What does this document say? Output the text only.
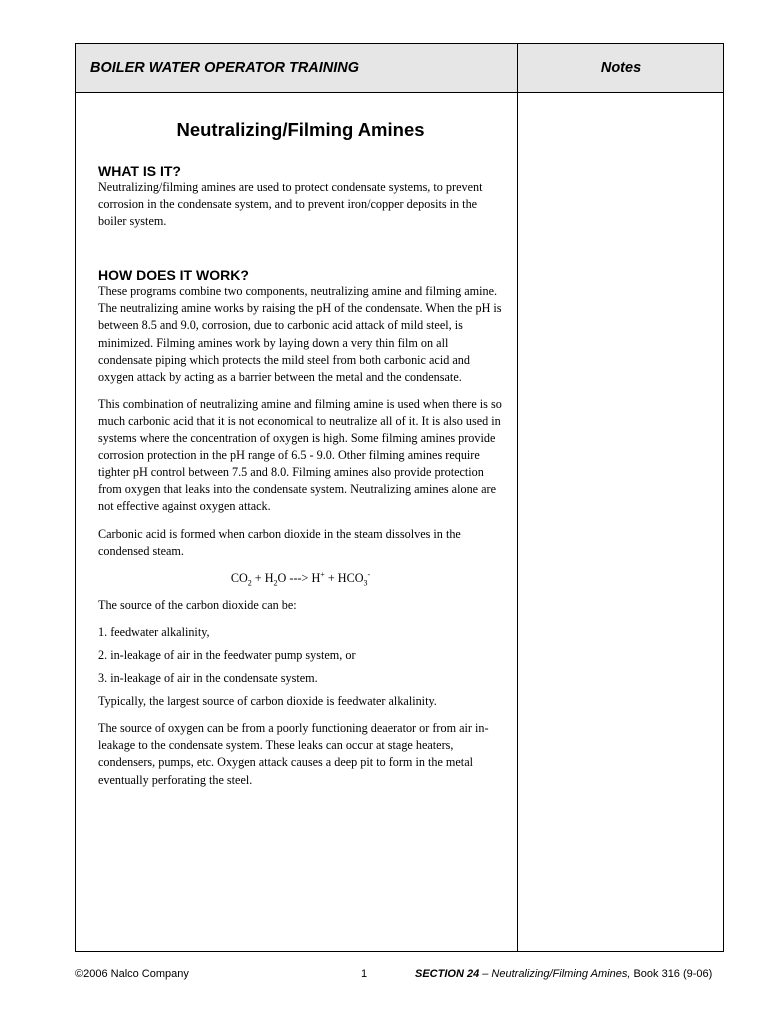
BOILER WATER OPERATOR TRAINING	Notes
Neutralizing/Filming Amines
WHAT IS IT?

Neutralizing/filming amines are used to protect condensate systems, to prevent corrosion in the condensate system, and to prevent iron/copper deposits in the boiler system.

HOW DOES IT WORK?

These programs combine two components, neutralizing amine and filming amine. The neutralizing amine works by raising the pH of the condensate. When the pH is between 8.5 and 9.0, corrosion, due to carbonic acid attack of mild steel, is minimized. Filming amines work by laying down a very thin film on all condensate piping which protects the mild steel from both carbonic acid and oxygen attack by acting as a barrier between the metal and the condensate.

This combination of neutralizing amine and filming amine is used when there is so much carbonic acid that it is not economical to neutralize all of it. It is also used in systems where the concentration of oxygen is high. Some filming amines provide corrosion protection in the pH range of 6.5 - 9.0. Other filming amines require tighter pH control between 7.5 and 8.0. Filming amines also provide protection from oxygen that leaks into the condensate system. Neutralizing amines alone are not effective against oxygen attack.

Carbonic acid is formed when carbon dioxide in the steam dissolves in the condensed steam.

$CO_2 + H_2O$ ---> $H^+ + HCO_3^-$

The source of the carbon dioxide can be:

1. feedwater alkalinity,
2. in-leakage of air in the feedwater pump system, or
3. in-leakage of air in the condensate system.

Typically, the largest source of carbon dioxide is feedwater alkalinity.

The source of oxygen can be from a poorly functioning deaerator or from air in-leakage to the condensate system. These leaks can occur at stage heaters, condensers, pumps, etc. Oxygen attack causes a deep pit to form in the metal eventually perforating the steel.

©2006 Nalco Company	1	SECTION 24 – Neutralizing/Filming Amines, Book 316 (9-06)
